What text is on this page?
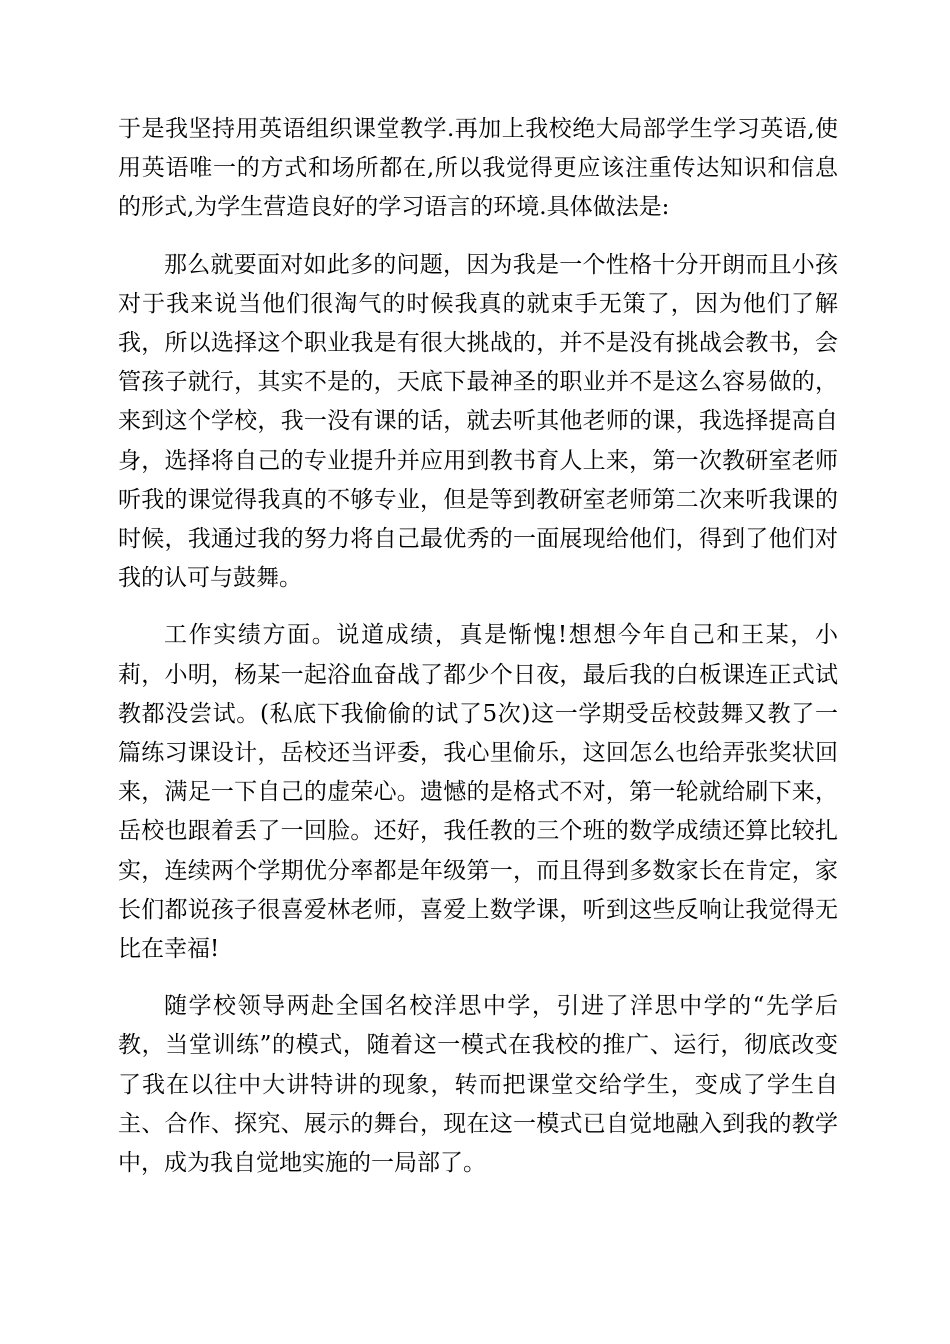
于是我坚持用英语组织课堂教学.再加上我校绝大局部学生学习英语,使用英语唯一的方式和场所都在,所以我觉得更应该注重传达知识和信息的形式,为学生营造良好的学习语言的环境.具体做法是:

那么就要面对如此多的问题，因为我是一个性格十分开朗而且小孩对于我来说当他们很淘气的时候我真的就束手无策了，因为他们了解我，所以选择这个职业我是有很大挑战的，并不是没有挑战会教书，会管孩子就行，其实不是的，天底下最神圣的职业并不是这么容易做的，来到这个学校，我一没有课的话，就去听其他老师的课，我选择提高自身，选择将自己的专业提升并应用到教书育人上来，第一次教研室老师听我的课觉得我真的不够专业，但是等到教研室老师第二次来听我课的时候，我通过我的努力将自己最优秀的一面展现给他们，得到了他们对我的认可与鼓舞。

工作实绩方面。说道成绩，真是惭愧!想想今年自己和王某，小莉，小明，杨某一起浴血奋战了都少个日夜，最后我的白板课连正式试教都没尝试。(私底下我偷偷的试了5次)这一学期受岳校鼓舞又教了一篇练习课设计，岳校还当评委，我心里偷乐，这回怎么也给弄张奖状回来，满足一下自己的虚荣心。遗憾的是格式不对，第一轮就给刷下来，岳校也跟着丢了一回脸。还好，我任教的三个班的数学成绩还算比较扎实，连续两个学期优分率都是年级第一，而且得到多数家长在肯定，家长们都说孩子很喜爱林老师，喜爱上数学课，听到这些反响让我觉得无比在幸福!

随学校领导两赴全国名校洋思中学，引进了洋思中学的“先学后教，当堂训练”的模式，随着这一模式在我校的推广、运行，彻底改变了我在以往中大讲特讲的现象，转而把课堂交给学生，变成了学生自主、合作、探究、展示的舞台，现在这一模式已自觉地融入到我的教学中，成为我自觉地实施的一局部了。
